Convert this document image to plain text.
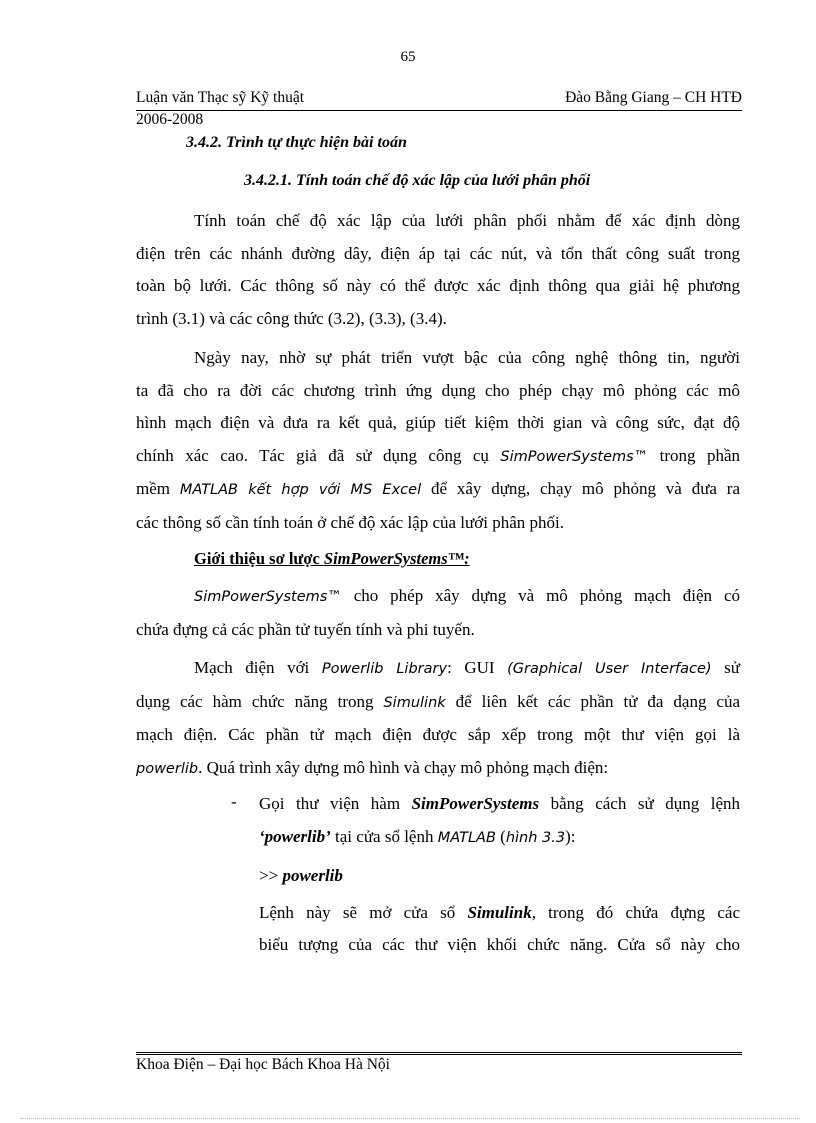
65
Luận văn Thạc sỹ Kỹ thuật	Đào Bằng Giang – CH HTĐ
2006-2008
3.4.2. Trình tự thực hiện bài toán
3.4.2.1. Tính toán chế độ xác lập của lưới phân phối
Tính toán chế độ xác lập của lưới phân phối nhằm để xác định dòng
điện trên các nhánh đường dây, điện áp tại các nút, và tổn thất công suất trong
toàn bộ lưới. Các thông số này có thể được xác định thông qua giải hệ phương
trình (3.1) và các công thức (3.2), (3.3), (3.4).
Ngày nay, nhờ sự phát triển vượt bậc của công nghệ thông tin, người
ta đã cho ra đời các chương trình ứng dụng cho phép chạy mô phỏng các mô
hình mạch điện và đưa ra kết quả, giúp tiết kiệm thời gian và công sức, đạt độ
chính xác cao. Tác giả đã sử dụng công cụ SimPowerSystems™ trong phần
mềm MATLAB kết hợp với MS Excel để xây dựng, chạy mô phỏng và đưa ra
các thông số cần tính toán ở chế độ xác lập của lưới phân phối.
Giới thiệu sơ lược SimPowerSystems™:
SimPowerSystems™ cho phép xây dựng và mô phỏng mạch điện có
chứa đựng cả các phần tử tuyến tính và phi tuyến.
Mạch điện với Powerlib Library: GUI (Graphical User Interface) sử
dụng các hàm chức năng trong Simulink để liên kết các phần tử đa dạng của
mạch điện. Các phần tử mạch điện được sắp xếp trong một thư viện gọi là
powerlib. Quá trình xây dựng mô hình và chạy mô phỏng mạch điện:
- Gọi thư viện hàm SimPowerSystems bằng cách sử dụng lệnh
‘powerlib’ tại cửa sổ lệnh MATLAB (hình 3.3):
>> powerlib
Lệnh này sẽ mở cửa sổ Simulink, trong đó chứa đựng các
biểu tượng của các thư viện khối chức năng. Cửa sổ này cho
Khoa Điện – Đại học Bách Khoa Hà Nội
